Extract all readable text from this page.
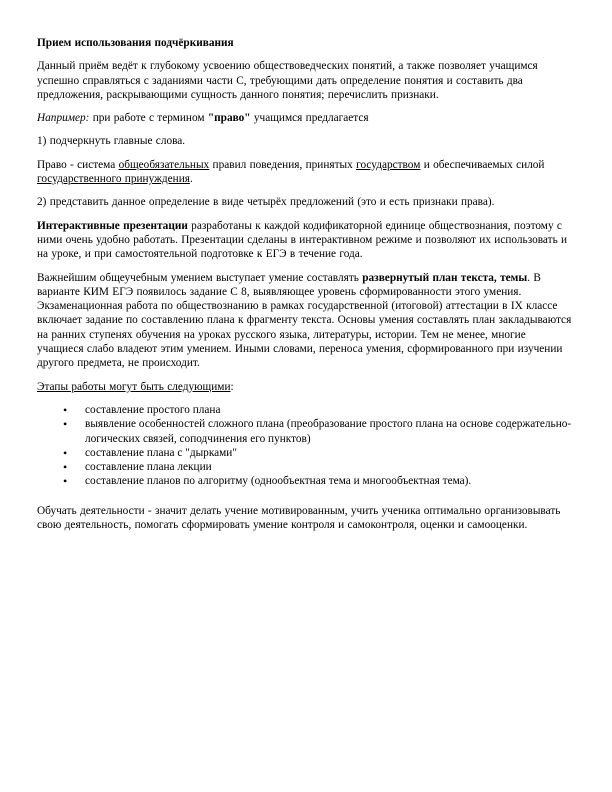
Прием использования подчёркивания

Данный приём ведёт к глубокому усвоению обществоведческих понятий, а также позволяет учащимся успешно справляться с заданиями части С, требующими дать определение понятия и составить два предложения, раскрывающими сущность данного понятия; перечислить признаки.

Например: при работе с термином "право" учащимся предлагается

1) подчеркнуть главные слова.

Право - система общеобязательных правил поведения, принятых государством и обеспечиваемых силой государственного принуждения.

2) представить данное определение в виде четырёх предложений (это и есть признаки права).

Интерактивные презентации разработаны к каждой кодификаторной единице обществознания, поэтому с ними очень удобно работать. Презентации сделаны в интерактивном режиме и позволяют их использовать и на уроке, и при самостоятельной подготовке к ЕГЭ в течение года.

Важнейшим общеучебным умением выступает умение составлять развернутый план текста, темы. В варианте КИМ ЕГЭ появилось задание С 8, выявляющее уровень сформированности этого умения. Экзаменационная работа по обществознанию в рамках государственной (итоговой) аттестации в IX классе включает задание по составлению плана к фрагменту текста. Основы умения составлять план закладываются на ранних ступенях обучения на уроках русского языка, литературы, истории. Тем не менее, многие учащиеся слабо владеют этим умением. Иными словами, переноса умения, сформированного при изучении другого предмета, не происходит.

Этапы работы могут быть следующими:

• составление простого плана
• выявление особенностей сложного плана (преобразование простого плана на основе содержательно-логических связей, соподчинения его пунктов)
• составление плана с "дырками"
• составление плана лекции
• составление планов по алгоритму (однообъектная тема и многообъектная тема).

Обучать деятельности - значит делать учение мотивированным, учить ученика оптимально организовывать свою деятельность, помогать сформировать умение контроля и самоконтроля, оценки и самооценки.
